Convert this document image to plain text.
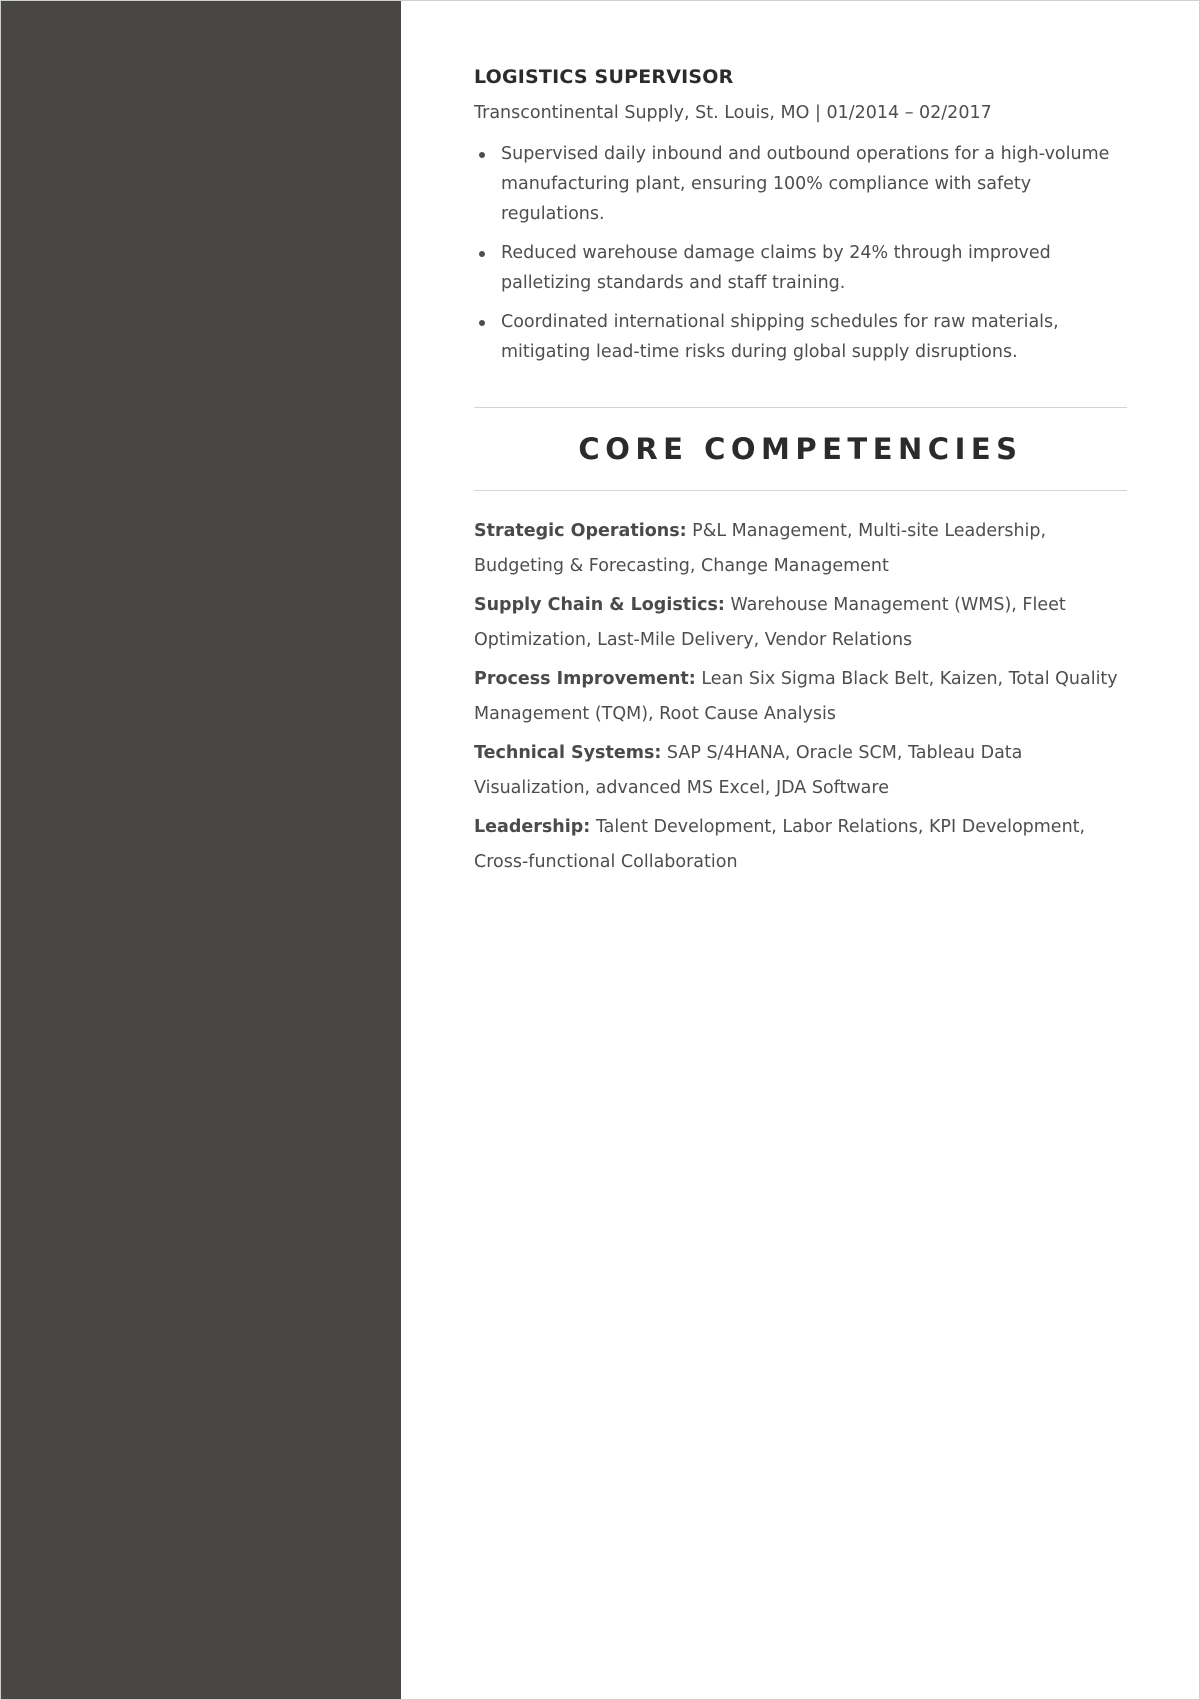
LOGISTICS SUPERVISOR

Transcontinental Supply, St. Louis, MO | 01/2014 – 02/2017

Supervised daily inbound and outbound operations for a high-volume manufacturing plant, ensuring 100% compliance with safety regulations.
Reduced warehouse damage claims by 24% through improved palletizing standards and staff training.
Coordinated international shipping schedules for raw materials, mitigating lead-time risks during global supply disruptions.
CORE COMPETENCIES

Strategic Operations: P&L Management, Multi-site Leadership, Budgeting & Forecasting, Change Management

Supply Chain & Logistics: Warehouse Management (WMS), Fleet Optimization, Last-Mile Delivery, Vendor Relations

Process Improvement: Lean Six Sigma Black Belt, Kaizen, Total Quality Management (TQM), Root Cause Analysis

Technical Systems: SAP S/4HANA, Oracle SCM, Tableau Data Visualization, advanced MS Excel, JDA Software

Leadership: Talent Development, Labor Relations, KPI Development, Cross-functional Collaboration
